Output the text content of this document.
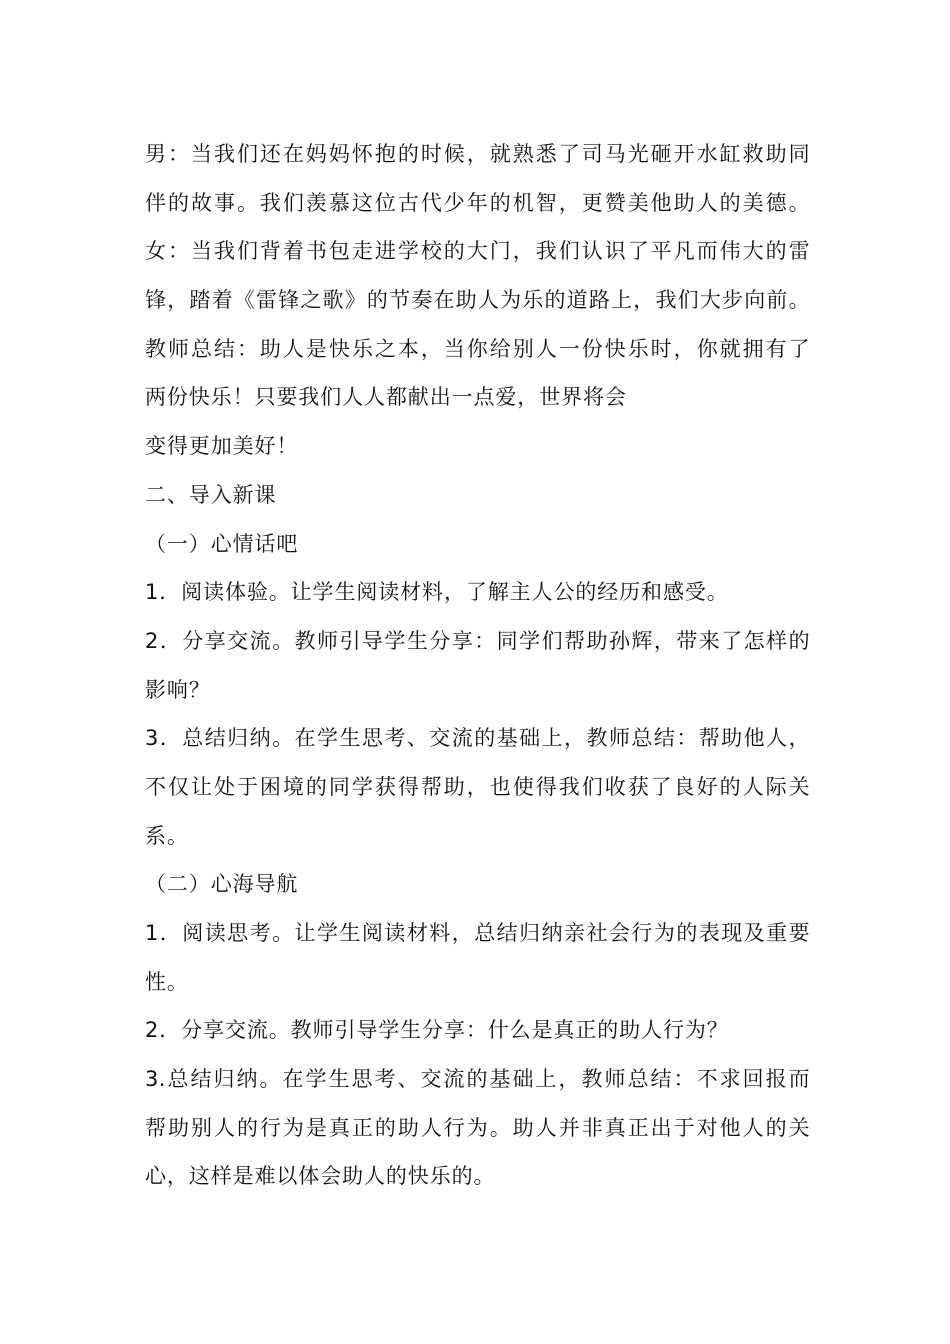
男：当我们还在妈妈怀抱的时候，就熟悉了司马光砸开水缸救助同
伴的故事。我们羡慕这位古代少年的机智，更赞美他助人的美德。
女：当我们背着书包走进学校的大门，我们认识了平凡而伟大的雷
锋，踏着《雷锋之歌》的节奏在助人为乐的道路上，我们大步向前。
教师总结：助人是快乐之本，当你给别人一份快乐时，你就拥有了
两份快乐！只要我们人人都献出一点爱，世界将会
变得更加美好！
二、导入新课
（一）心情话吧
1．阅读体验。让学生阅读材料，了解主人公的经历和感受。
2．分享交流。教师引导学生分享：同学们帮助孙辉，带来了怎样的
影响？
3．总结归纳。在学生思考、交流的基础上，教师总结：帮助他人，
不仅让处于困境的同学获得帮助，也使得我们收获了良好的人际关
系。
（二）心海导航
1．阅读思考。让学生阅读材料，总结归纳亲社会行为的表现及重要
性。
2．分享交流。教师引导学生分享：什么是真正的助人行为？
3.总结归纳。在学生思考、交流的基础上，教师总结：不求回报而
帮助别人的行为是真正的助人行为。助人并非真正出于对他人的关
心，这样是难以体会助人的快乐的。
